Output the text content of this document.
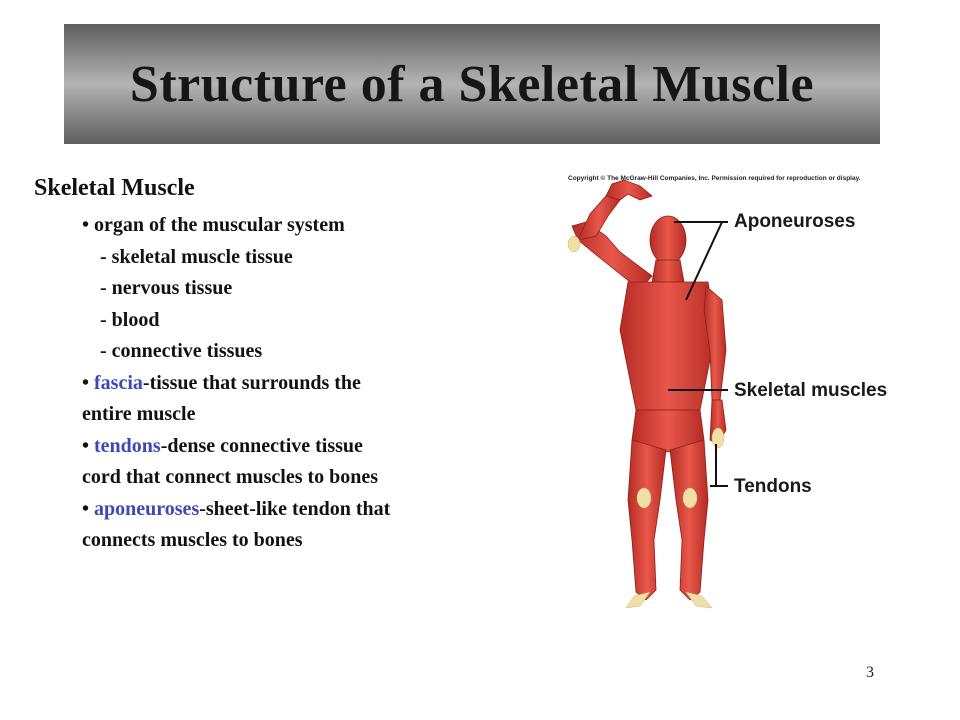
Structure of a Skeletal Muscle
Skeletal Muscle
• organ of the muscular system
- skeletal muscle tissue
- nervous tissue
- blood
- connective tissues
• fascia-tissue that surrounds the
entire muscle
• tendons-dense connective tissue
cord that connect muscles to bones
• aponeuroses-sheet-like tendon that
connects muscles to bones
Copyright © The McGraw-Hill Companies, Inc. Permission required for reproduction or display.
Aponeuroses
Skeletal muscles
Tendons
3
